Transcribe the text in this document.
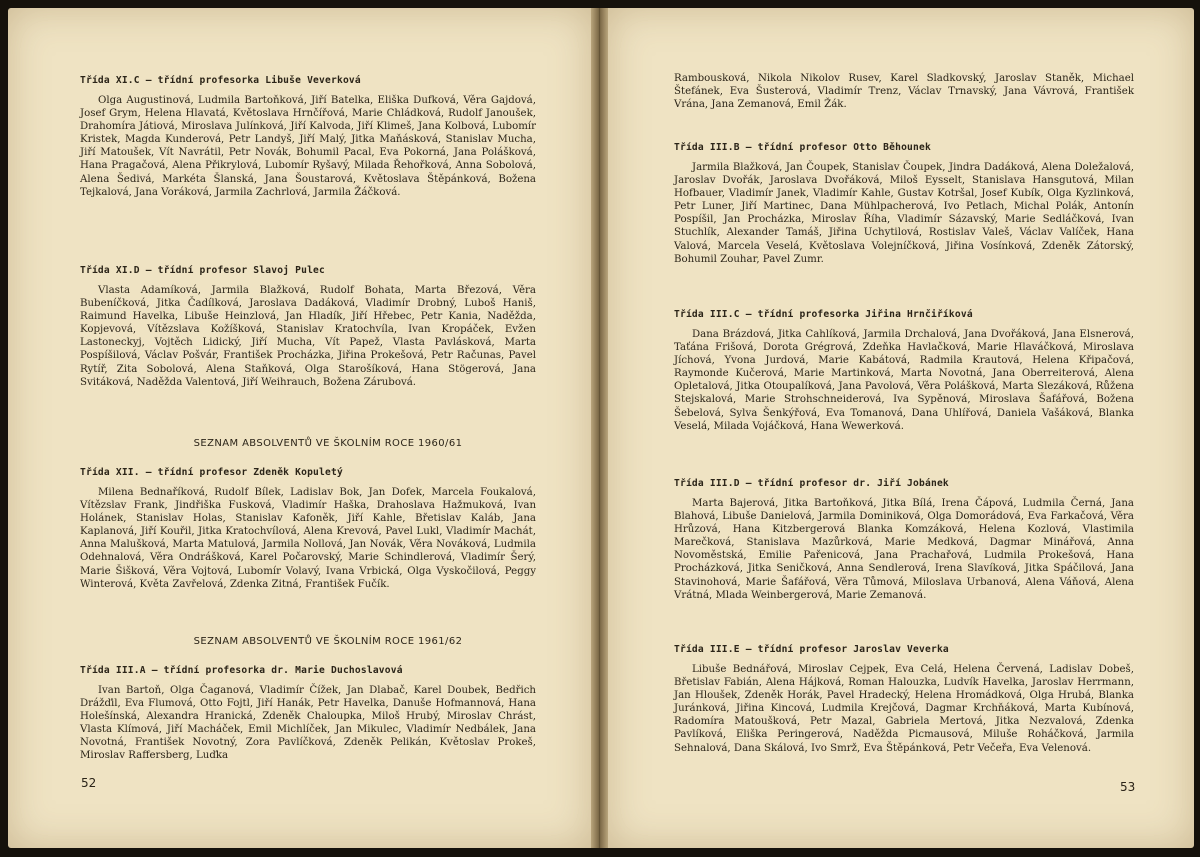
Třída XI.C — třídní profesorka Libuše Veverková

Olga Augustinová, Ludmila Bartoňková, Jiří Batelka, Eliška Dufková, Věra Gajdová, Josef Grym, Helena Hlavatá, Květoslava Hrnčířová, Marie Chládková, Rudolf Janoušek, Drahomíra Játiová, Miroslava Julínková, Jiří Kalvoda, Jiří Klimeš, Jana Kolbová, Lubomír Kristek, Magda Kunderová, Petr Landyš, Jiří Malý, Jitka Maňásková, Stanislav Mucha, Jiří Matoušek, Vít Navrátil, Petr Novák, Bohumil Pacal, Eva Pokorná, Jana Polášková, Hana Pragačová, Alena Přikrylová, Lubomír Ryšavý, Milada Řehořková, Anna Sobolová, Alena Šedivá, Markéta Šlanská, Jana Šoustarová, Květoslava Štěpánková, Božena Tejkalová, Jana Voráková, Jarmila Zachrlová, Jarmila Žáčková.

Třída XI.D — třídní profesor Slavoj Pulec

Vlasta Adamíková, Jarmila Blažková, Rudolf Bohata, Marta Březová, Věra Bubeníčková, Jitka Čadílková, Jaroslava Dadáková, Vladimír Drobný, Luboš Haniš, Raimund Havelka, Libuše Heinzlová, Jan Hladík, Jiří Hřebec, Petr Kania, Naděžda, Kopjevová, Vítězslava Kožíšková, Stanislav Kratochvíla, Ivan Kropáček, Evžen Lastoneckyj, Vojtěch Lidický, Jiří Mucha, Vít Papež, Vlasta Pavlásková, Marta Pospíšilová, Václav Pošvár, František Procházka, Jiřina Prokešová, Petr Računas, Pavel Rytíř, Zita Sobolová, Alena Staňková, Olga Starošíková, Hana Stögerová, Jana Svitáková, Naděžda Valentová, Jiří Weihrauch, Božena Zárubová.

SEZNAM ABSOLVENTŮ VE ŠKOLNÍM ROCE 1960/61

Třída XII. — třídní profesor Zdeněk Kopuletý

Milena Bednaříková, Rudolf Bílek, Ladislav Bok, Jan Dofek, Marcela Foukalová, Vítězslav Frank, Jindřiška Fusková, Vladimír Haška, Drahoslava Hažmuková, Ivan Holánek, Stanislav Holas, Stanislav Kafoněk, Jiří Kahle, Břetislav Kaláb, Jana Kaplanová, Jiří Kouřil, Jitka Kratochvílová, Alena Krevová, Pavel Lukl, Vladimír Machát, Anna Malušková, Marta Matulová, Jarmila Nollová, Jan Novák, Věra Nováková, Ludmila Odehnalová, Věra Ondrášková, Karel Počarovský, Marie Schindlerová, Vladimír Šerý, Marie Šišková, Věra Vojtová, Lubomír Volavý, Ivana Vrbická, Olga Vyskočilová, Peggy Winterová, Květa Zavřelová, Zdenka Zitná, František Fučík.

SEZNAM ABSOLVENTŮ VE ŠKOLNÍM ROCE 1961/62

Třída III.A — třídní profesorka dr. Marie Duchoslavová

Ivan Bartoň, Olga Čaganová, Vladimír Čížek, Jan Dlabač, Karel Doubek, Bedřich Drážďil, Eva Flumová, Otto Fojtl, Jiří Hanák, Petr Havelka, Danuše Hofmannová, Hana Holešínská, Alexandra Hranická, Zdeněk Chaloupka, Miloš Hrubý, Miroslav Chrást, Vlasta Klímová, Jiří Macháček, Emil Michlíček, Jan Mikulec, Vladimír Nedbálek, Jana Novotná, František Novotný, Zora Pavlíčková, Zdeněk Pelikán, Květoslav Prokeš, Miroslav Raffersberg, Luďka

52

Rambousková, Nikola Nikolov Rusev, Karel Sladkovský, Jaroslav Staněk, Michael Štefánek, Eva Šusterová, Vladimír Trenz, Václav Trnavský, Jana Vávrová, František Vrána, Jana Zemanová, Emil Žák.

Třída III.B — třídní profesor Otto Běhounek

Jarmila Blažková, Jan Čoupek, Stanislav Čoupek, Jindra Dadáková, Alena Doležalová, Jaroslav Dvořák, Jaroslava Dvořáková, Miloš Eysselt, Stanislava Hansgutová, Milan Hofbauer, Vladimír Janek, Vladimír Kahle, Gustav Kotršal, Josef Kubík, Olga Kyzlinková, Petr Luner, Jiří Martinec, Dana Mühlpacherová, Ivo Petlach, Michal Polák, Antonín Pospíšil, Jan Procházka, Miroslav Říha, Vladimír Sázavský, Marie Sedláčková, Ivan Stuchlík, Alexander Tamáš, Jiřina Uchytilová, Rostislav Valeš, Václav Valíček, Hana Valová, Marcela Veselá, Květoslava Volejníčková, Jiřina Vosínková, Zdeněk Zátorský, Bohumil Zouhar, Pavel Zumr.

Třída III.C — třídní profesorka Jiřina Hrnčiříková

Dana Brázdová, Jitka Cahlíková, Jarmila Drchalová, Jana Dvořáková, Jana Elsnerová, Taťána Frišová, Dorota Grégrová, Zdeňka Havlačková, Marie Hlaváčková, Miroslava Jíchová, Yvona Jurdová, Marie Kabátová, Radmila Krautová, Helena Křipačová, Raymonde Kučerová, Marie Martinková, Marta Novotná, Jana Oberreiterová, Alena Opletalová, Jitka Otoupalíková, Jana Pavolová, Věra Polášková, Marta Slezáková, Růžena Stejskalová, Marie Strohschneiderová, Iva Sypěnová, Miroslava Šafářová, Božena Šebelová, Sylva Šenkýřová, Eva Tomanová, Dana Uhlířová, Daniela Vašáková, Blanka Veselá, Milada Vojáčková, Hana Wewerková.

Třída III.D — třídní profesor dr. Jiří Jobánek

Marta Bajerová, Jitka Bartoňková, Jitka Bílá, Irena Čápová, Ludmila Černá, Jana Blahová, Libuše Danielová, Jarmila Dominiková, Olga Domorádová, Eva Farkačová, Věra Hrůzová, Hana Kitzbergerová Blanka Komzáková, Helena Kozlová, Vlastimila Marečková, Stanislava Mazůrková, Marie Medková, Dagmar Minářová, Anna Novoměstská, Emilie Pařenicová, Jana Prachařová, Ludmila Prokešová, Hana Procházková, Jitka Seničková, Anna Sendlerová, Irena Slavíková, Jitka Spáčilová, Jana Stavinohová, Marie Šafářová, Věra Tůmová, Miloslava Urbanová, Alena Váňová, Alena Vrátná, Mlada Weinbergerová, Marie Zemanová.

Třída III.E — třídní profesor Jaroslav Veverka

Libuše Bednářová, Miroslav Cejpek, Eva Celá, Helena Červená, Ladislav Dobeš, Břetislav Fabián, Alena Hájková, Roman Halouzka, Ludvík Havelka, Jaroslav Herrmann, Jan Hloušek, Zdeněk Horák, Pavel Hradecký, Helena Hromádková, Olga Hrubá, Blanka Juránková, Jiřina Kincová, Ludmila Krejčová, Dagmar Krchňáková, Marta Kubínová, Radomíra Matoušková, Petr Mazal, Gabriela Mertová, Jitka Nezvalová, Zdenka Pavlíková, Eliška Peringerová, Naděžda Picmausová, Miluše Roháčková, Jarmila Sehnalová, Dana Skálová, Ivo Smrž, Eva Štěpánková, Petr Večeřa, Eva Velenová.

53
